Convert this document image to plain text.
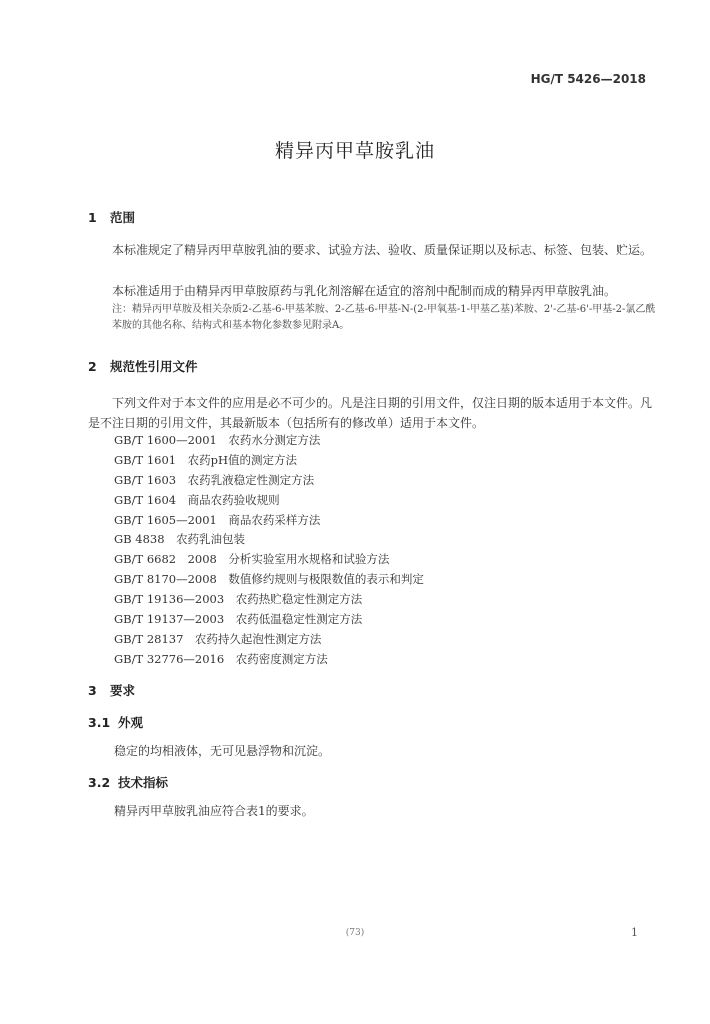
HG/T 5426—2018
精异丙甲草胺乳油
1 范围
本标准规定了精异丙甲草胺乳油的要求、试验方法、验收、质量保证期以及标志、标签、包装、贮运。
本标准适用于由精异丙甲草胺原药与乳化剂溶解在适宜的溶剂中配制而成的精异丙甲草胺乳油。
注：精异丙甲草胺及相关杂质2-乙基-6-甲基苯胺、2-乙基-6-甲基-N-(2-甲氧基-1-甲基乙基)苯胺、2'-乙基-6'-甲基-2-氯乙酰苯胺的其他名称、结构式和基本物化参数参见附录A。
2 规范性引用文件
下列文件对于本文件的应用是必不可少的。凡是注日期的引用文件，仅注日期的版本适用于本文件。凡是不注日期的引用文件，其最新版本（包括所有的修改单）适用于本文件。
GB/T 1600—2001　 农药水分测定方法
GB/T 1601　 农药pH值的测定方法
GB/T 1603　 农药乳液稳定性测定方法
GB/T 1604　 商品农药验收规则
GB/T 1605—2001　 商品农药采样方法
GB 4838　 农药乳油包装
GB/T 6682　 2008　分析实验室用水规格和试验方法
GB/T 8170—2008　 数值修约规则与极限数值的表示和判定
GB/T 19136—2003　 农药热贮稳定性测定方法
GB/T 19137—2003　 农药低温稳定性测定方法
GB/T 28137　 农药持久起泡性测定方法
GB/T 32776—2016　 农药密度测定方法
3 要求
3.1 外观
稳定的均相液体，无可见悬浮物和沉淀。
3.2 技术指标
精异丙甲草胺乳油应符合表1的要求。
(73)	1
